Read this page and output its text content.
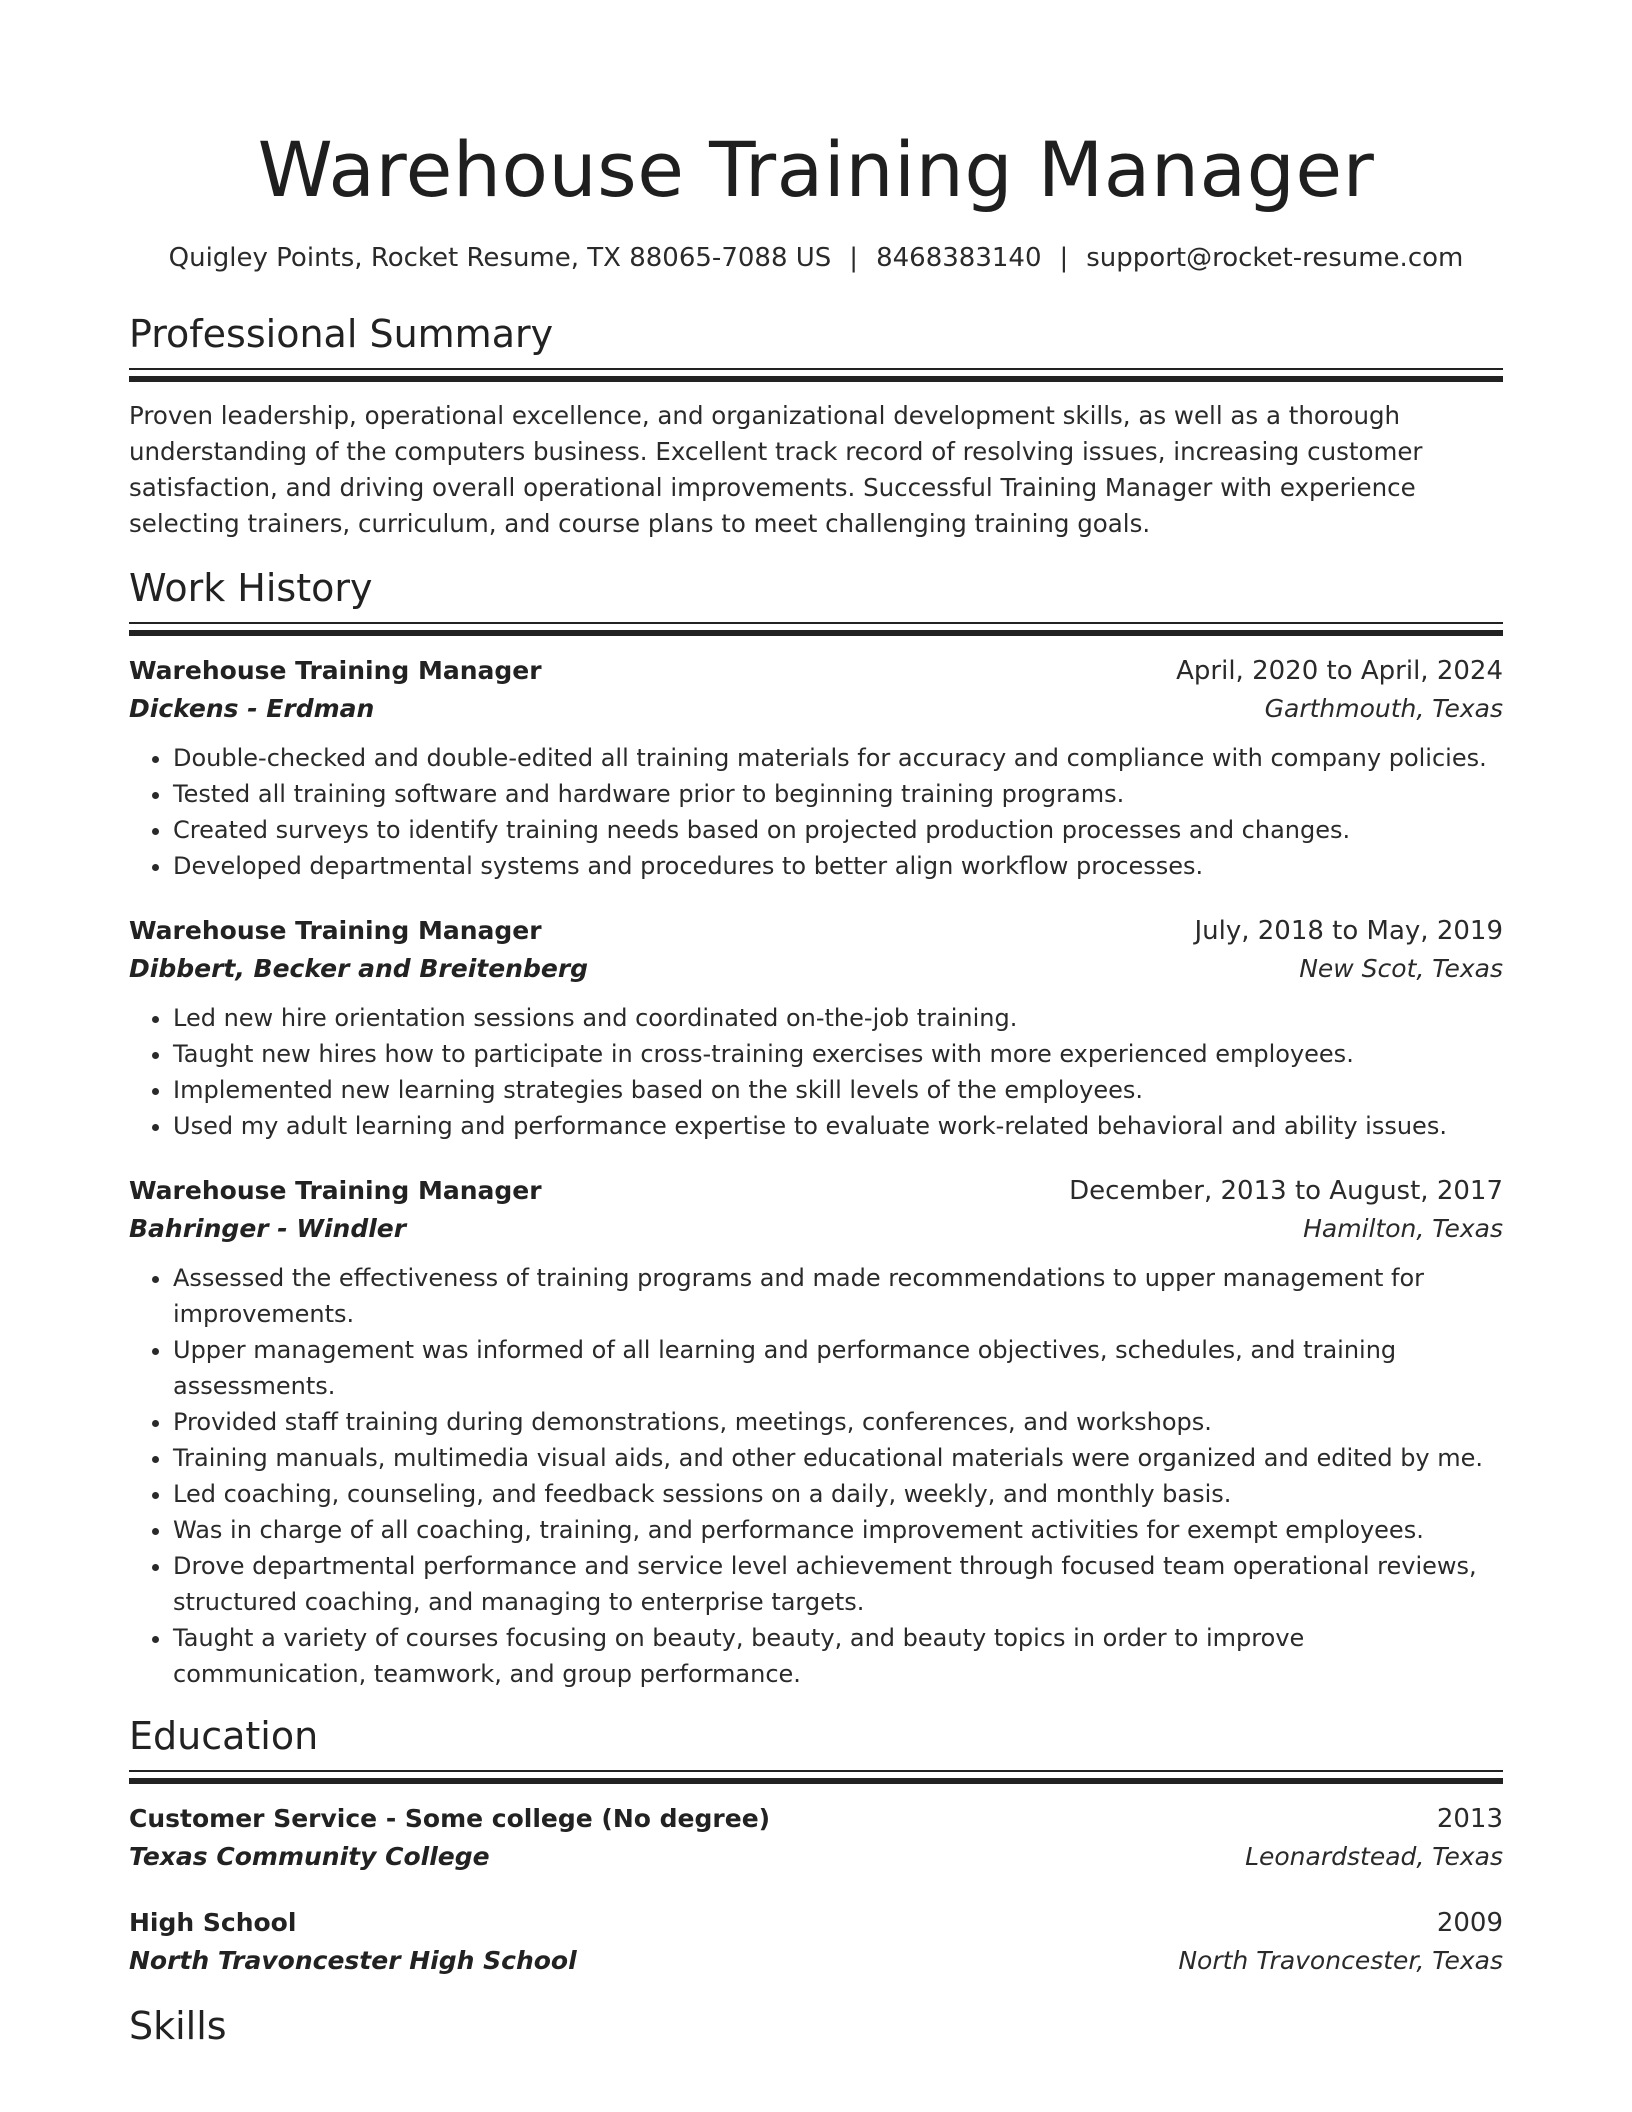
Warehouse Training Manager
Quigley Points, Rocket Resume, TX 88065-7088 US | 8468383140 | support@rocket-resume.com
Professional Summary

Proven leadership, operational excellence, and organizational development skills, as well as a thorough understanding of the computers business. Excellent track record of resolving issues, increasing customer satisfaction, and driving overall operational improvements. Successful Training Manager with experience selecting trainers, curriculum, and course plans to meet challenging training goals.

Work History
Warehouse Training Manager	April, 2020 to April, 2024
Dickens - Erdman	Garthmouth, Texas
• Double-checked and double-edited all training materials for accuracy and compliance with company policies.
• Tested all training software and hardware prior to beginning training programs.
• Created surveys to identify training needs based on projected production processes and changes.
• Developed departmental systems and procedures to better align workflow processes.
Warehouse Training Manager	July, 2018 to May, 2019
Dibbert, Becker and Breitenberg	New Scot, Texas
• Led new hire orientation sessions and coordinated on-the-job training.
• Taught new hires how to participate in cross-training exercises with more experienced employees.
• Implemented new learning strategies based on the skill levels of the employees.
• Used my adult learning and performance expertise to evaluate work-related behavioral and ability issues.
Warehouse Training Manager	December, 2013 to August, 2017
Bahringer - Windler	Hamilton, Texas
• Assessed the effectiveness of training programs and made recommendations to upper management for improvements.
• Upper management was informed of all learning and performance objectives, schedules, and training assessments.
• Provided staff training during demonstrations, meetings, conferences, and workshops.
• Training manuals, multimedia visual aids, and other educational materials were organized and edited by me.
• Led coaching, counseling, and feedback sessions on a daily, weekly, and monthly basis.
• Was in charge of all coaching, training, and performance improvement activities for exempt employees.
• Drove departmental performance and service level achievement through focused team operational reviews, structured coaching, and managing to enterprise targets.
• Taught a variety of courses focusing on beauty, beauty, and beauty topics in order to improve communication, teamwork, and group performance.
Education
Customer Service - Some college (No degree)	2013
Texas Community College	Leonardstead, Texas
High School	2009
North Travoncester High School	North Travoncester, Texas
Skills
